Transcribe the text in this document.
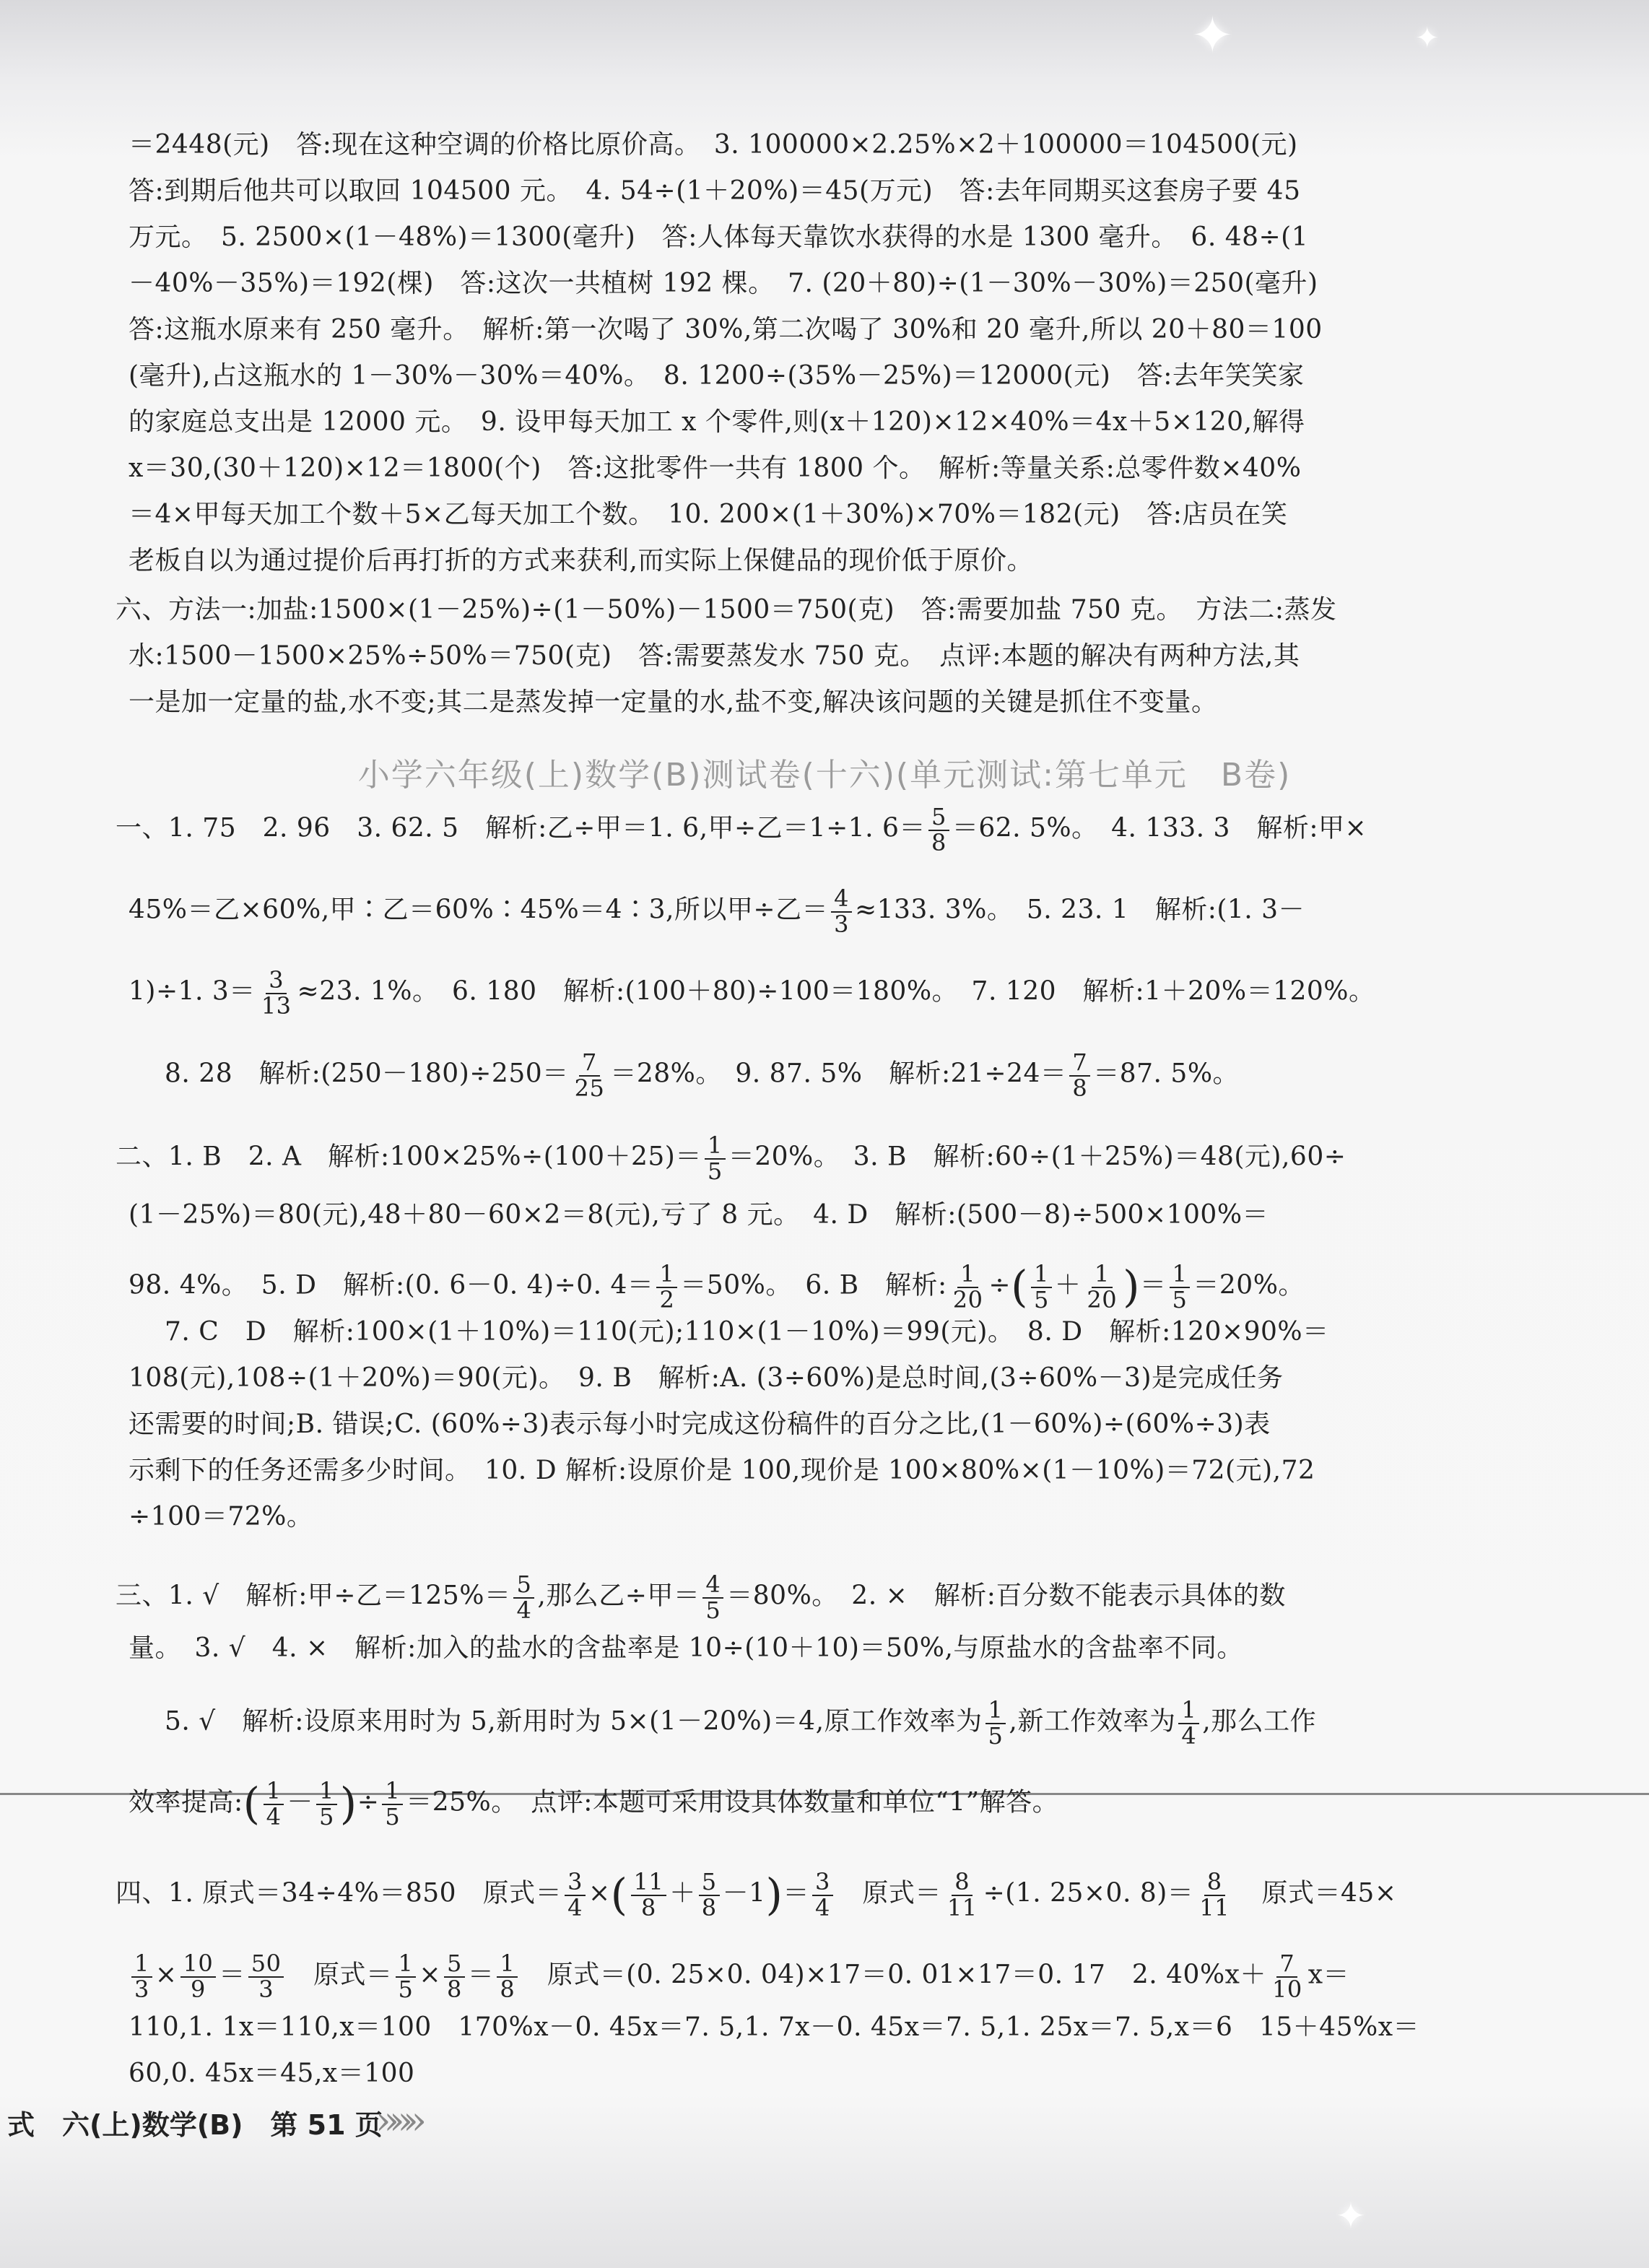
✦	✦
✦
＝2448(元)　答:现在这种空调的价格比原价高。　3. 100000×2.25%×2＋100000＝104500(元)
答:到期后他共可以取回 104500 元。　4. 54÷(1＋20%)＝45(万元)　答:去年同期买这套房子要 45
万元。　5. 2500×(1－48%)＝1300(毫升)　答:人体每天靠饮水获得的水是 1300 毫升。　6. 48÷(1
－40%－35%)＝192(棵)　答:这次一共植树 192 棵。　7. (20＋80)÷(1－30%－30%)＝250(毫升)
答:这瓶水原来有 250 毫升。　解析:第一次喝了 30%,第二次喝了 30%和 20 毫升,所以 20＋80＝100
(毫升),占这瓶水的 1－30%－30%＝40%。　8. 1200÷(35%－25%)＝12000(元)　答:去年笑笑家
的家庭总支出是 12000 元。　9. 设甲每天加工 x 个零件,则(x＋120)×12×40%＝4x＋5×120,解得
x＝30,(30＋120)×12＝1800(个)　答:这批零件一共有 1800 个。　解析:等量关系:总零件数×40%
＝4×甲每天加工个数＋5×乙每天加工个数。　10. 200×(1＋30%)×70%＝182(元)　答:店员在笑
老板自以为通过提价后再打折的方式来获利,而实际上保健品的现价低于原价。
六、方法一:加盐:1500×(1－25%)÷(1－50%)－1500＝750(克)　答:需要加盐 750 克。　方法二:蒸发
水:1500－1500×25%÷50%＝750(克)　答:需要蒸发水 750 克。　点评:本题的解决有两种方法,其
一是加一定量的盐,水不变;其二是蒸发掉一定量的水,盐不变,解决该问题的关键是抓住不变量。
小学六年级(上)数学(B)测试卷(十六)(单元测试:第七单元　B卷)
一、1. 75　2. 96　3. 62. 5　解析:乙÷甲＝1. 6,甲÷乙＝1÷1. $6= \frac{5}{8} =62$. 5%。　4. 133. 3　解析:甲×
45%＝乙×60%,甲∶乙＝60%∶45%＝4∶3,所以甲÷乙＝ $\frac{4}{3} \approx 133$. 3%。　5. 23. 1　解析:(1. 3－
1)÷1. $3= \frac{3}{13} \approx 23$. 1%。　6. 180　解析:(100＋80)÷100＝180%。　7. 120　解析:1＋20%＝120%。
8. 28　解析:(250－180)÷250＝ $\frac{7}{25} =28\%$。　9. 87. 5%　解析:21÷24＝ $\frac{7}{8} =87$. 5%。
二、1. B　2. A　解析:100×25%÷(100＋25)＝ $\frac{1}{5} =20\%$。　3. B　解析:60÷(1＋25%)＝48(元),60÷
(1－25%)＝80(元),48＋80－60×2＝8(元),亏了 8 元。　4. D　解析:(500－8)÷500×100%＝
98. 4%。　5. D　解析:(0. 6－0. 4)÷0. $4= \frac{1}{2} =50\%$。　6. B　解析: $\frac{1}{20}$ ÷( $\frac{1}{5} + \frac{1}{20}$ )＝ $\frac{1}{5} =20\%$。
7. C　D　解析:100×(1＋10%)＝110(元);110×(1－10%)＝99(元)。　8. D　解析:120×90%＝
108(元),108÷(1＋20%)＝90(元)。　9. B　解析:A. (3÷60%)是总时间,(3÷60%－3)是完成任务
还需要的时间;B. 错误;C. (60%÷3)表示每小时完成这份稿件的百分之比,(1－60%)÷(60%÷3)表
示剩下的任务还需多少时间。　10. D 解析:设原价是 100,现价是 100×80%×(1－10%)＝72(元),72
÷100＝72%。
三、1. √　解析:甲÷乙$=125\%= \frac{5}{4}$ ,那么乙÷甲＝ $\frac{4}{5} =80\%$。　2. ×　解析:百分数不能表示具体的数
量。　3. √　4. ×　解析:加入的盐水的含盐率是 10÷(10＋10)＝50%,与原盐水的含盐率不同。
5. √　解析:设原来用时为 5,新用时为 5×(1－20%)＝4,原工作效率为 $\frac{1}{5}$ ,新工作效率为 $\frac{1}{4}$ ,那么工作
效率提高:( $\frac{1}{4} - \frac{1}{5}$ )÷ $\frac{1}{5} =25\%$。　点评:本题可采用设具体数量和单位“1”解答。
四、1. 原式＝34÷4%＝850　原式＝ $\frac{3}{4}$ ×( $\frac{11}{8} + \frac{5}{8} -1)= \frac{3}{4}$ 　原式＝ $\frac{8}{11} \div(1$. 25×0. $8)= \frac{8}{11}$ 　原式＝45×
$\frac{1}{3} \times \frac{10}{9} = \frac{50}{3}$ 　原式＝ $\frac{1}{5} \times \frac{5}{8} = \frac{1}{8}$ 　原式＝(0. 25×0. 04)×17＝0. 01×17＝0. 17　2. $40\%x+ \frac{7}{10} x=$
110,1. 1x＝110,x＝100　170%x－0. 45x＝7. 5,1. 7x－0. 45x＝7. 5,1. 25x＝7. 5,x＝6　15＋45%x＝
60,0. 45x＝45,x＝100
式　六(上)数学(B)　第 51 页
»»»
